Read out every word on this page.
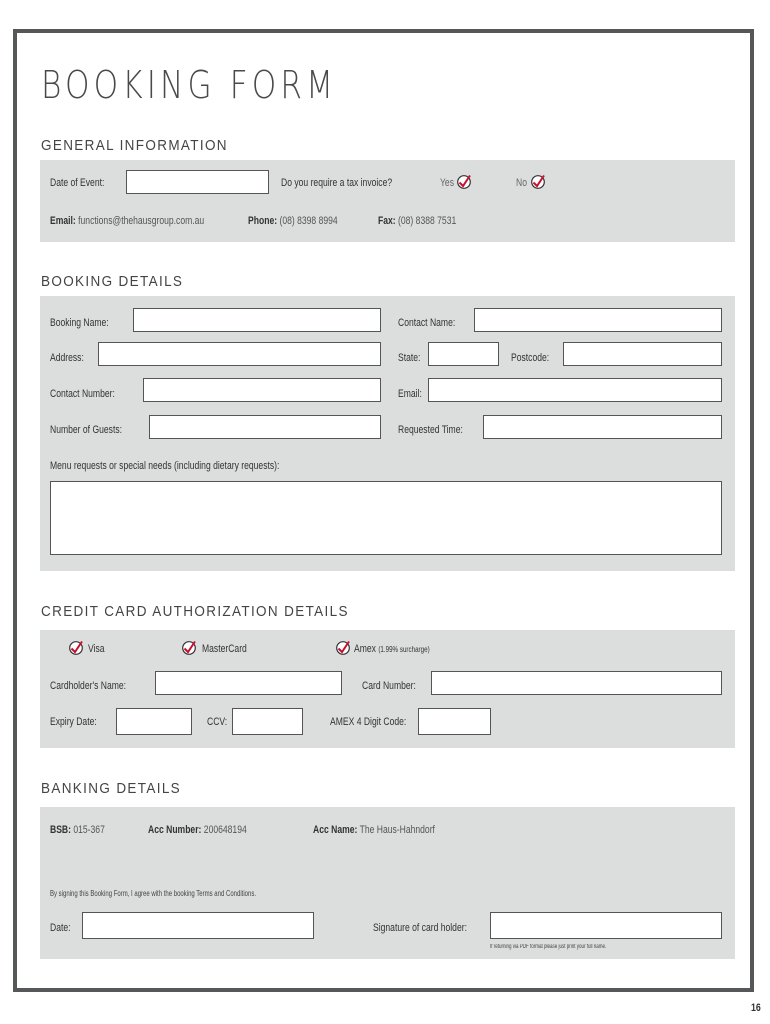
BOOKING FORM
GENERAL INFORMATION
Date of Event:	Do you require a tax invoice?	Yes	No
Email: functions@thehausgroup.com.au	Phone: (08) 8398 8994	Fax: (08) 8388 7531
BOOKING DETAILS
Booking Name:	Contact Name:
Address:	State:	Postcode:
Contact Number:	Email:
Number of Guests:	Requested Time:
Menu requests or special needs (including dietary requests):
CREDIT CARD AUTHORIZATION DETAILS
Visa	MasterCard	Amex (1.99% surcharge)
Cardholder's Name:	Card Number:
Expiry Date:	CCV:	AMEX 4 Digit Code:
BANKING DETAILS
BSB: 015-367	Acc Number: 200648194	Acc Name: The Haus-Hahndorf
By signing this Booking Form, I agree with the booking Terms and Conditions.
Date:	Signature of card holder:
If returning via PDF format please just print your full name.
16
